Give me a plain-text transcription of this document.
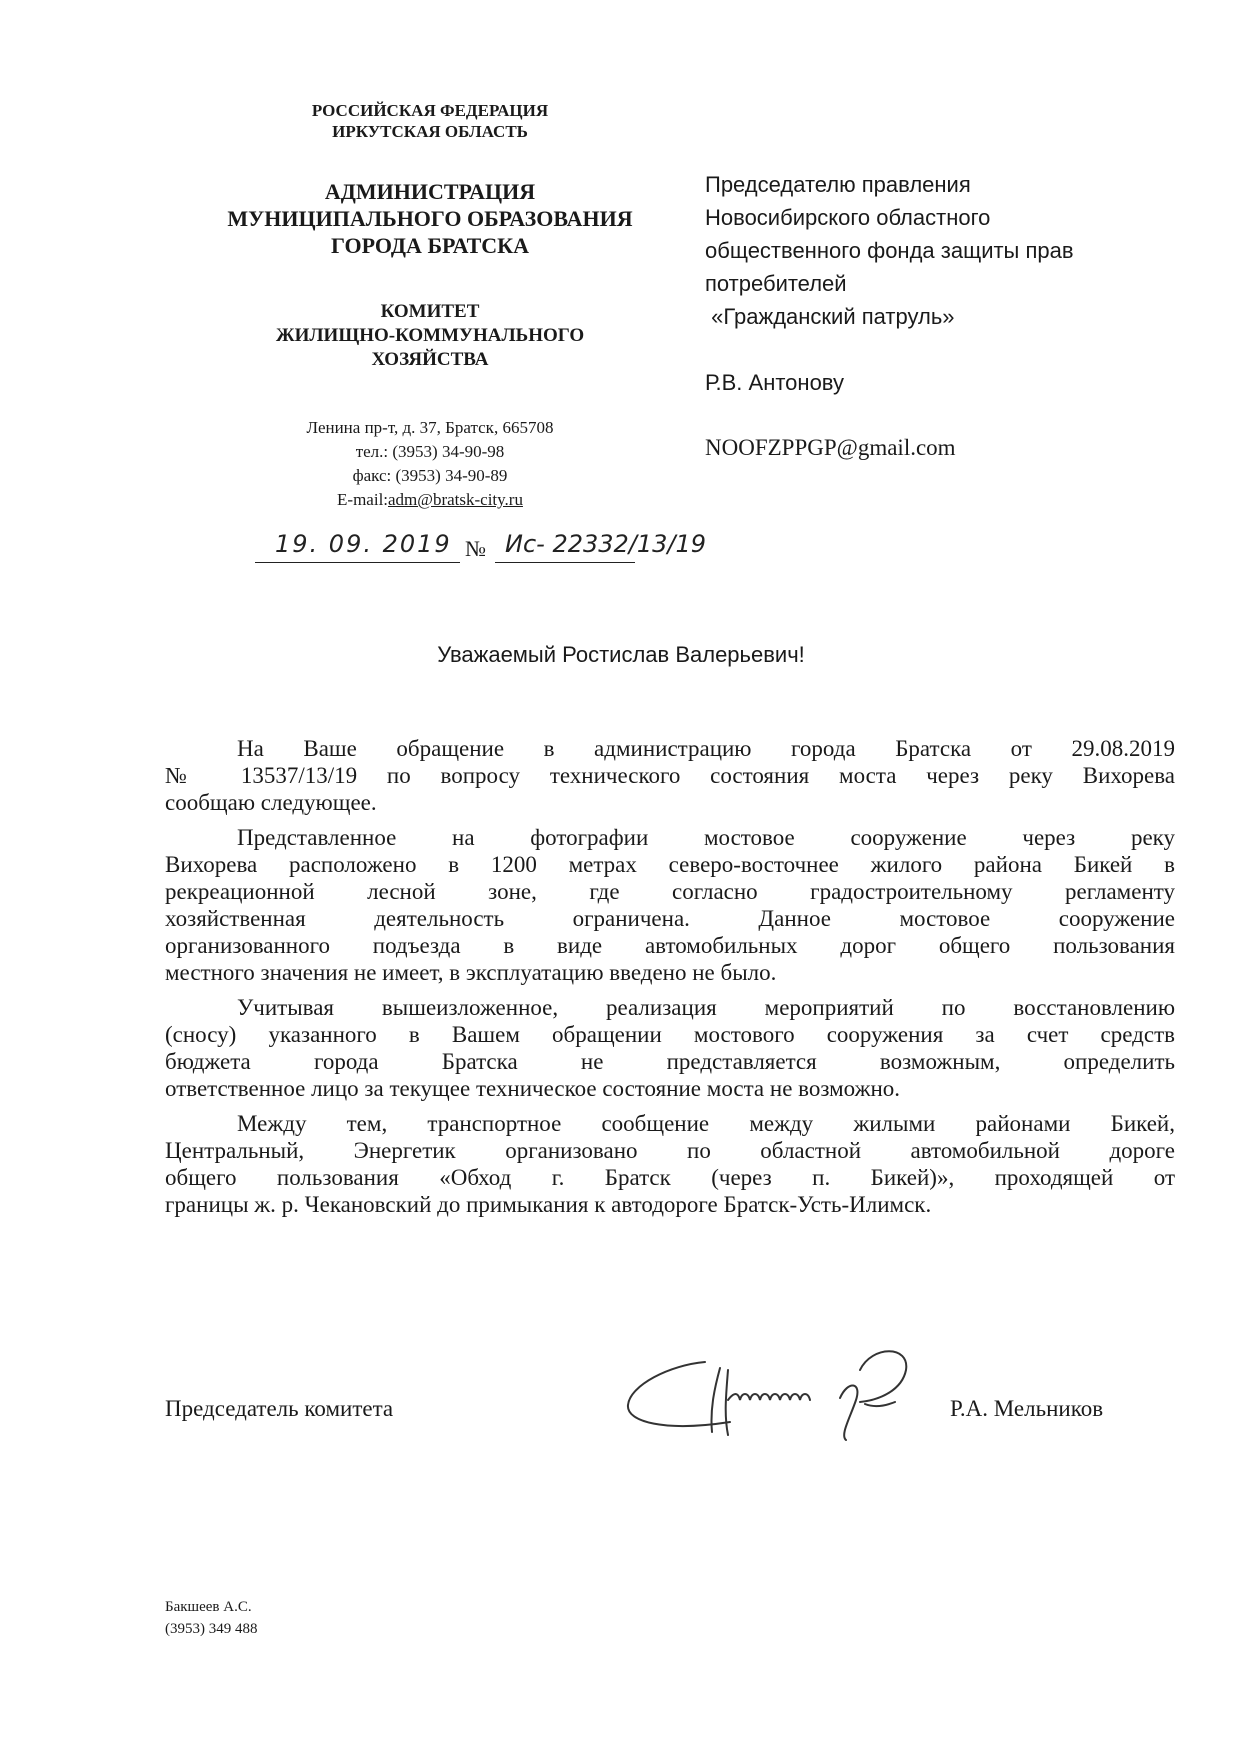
РОССИЙСКАЯ ФЕДЕРАЦИЯ
ИРКУТСКАЯ ОБЛАСТЬ
АДМИНИСТРАЦИЯ
МУНИЦИПАЛЬНОГО ОБРАЗОВАНИЯ
ГОРОДА БРАТСКА
КОМИТЕТ
ЖИЛИЩНО-КОММУНАЛЬНОГО
ХОЗЯЙСТВА
Ленина пр-т, д. 37, Братск, 665708
тел.: (3953) 34-90-98
факс: (3953) 34-90-89
E-mail:adm@bratsk-city.ru
19. 09. 2019 № Ис- 22332/13/19
Председателю правления
Новосибирского областного
общественного фонда защиты прав
потребителей
«Гражданский патруль»
Р.В. Антонову
NOOFZPPGP@gmail.com
Уважаемый Ростислав Валерьевич!
На Ваше обращение в администрацию города Братска от 29.08.2019
№ 13537/13/19 по вопросу технического состояния моста через реку Вихорева
сообщаю следующее.
Представленное на фотографии мостовое сооружение через реку
Вихорева расположено в 1200 метрах северо-восточнее жилого района Бикей в
рекреационной лесной зоне, где согласно градостроительному регламенту
хозяйственная деятельность ограничена. Данное мостовое сооружение
организованного подъезда в виде автомобильных дорог общего пользования
местного значения не имеет, в эксплуатацию введено не было.
Учитывая вышеизложенное, реализация мероприятий по восстановлению
(сносу) указанного в Вашем обращении мостового сооружения за счет средств
бюджета города Братска не представляется возможным, определить
ответственное лицо за текущее техническое состояние моста не возможно.
Между тем, транспортное сообщение между жилыми районами Бикей,
Центральный, Энергетик организовано по областной автомобильной дороге
общего пользования «Обход г. Братск (через п. Бикей)», проходящей от
границы ж. р. Чекановский до примыкания к автодороге Братск-Усть-Илимск.
Председатель комитета	Р.А. Мельников
Бакшеев А.С.
(3953) 349 488
